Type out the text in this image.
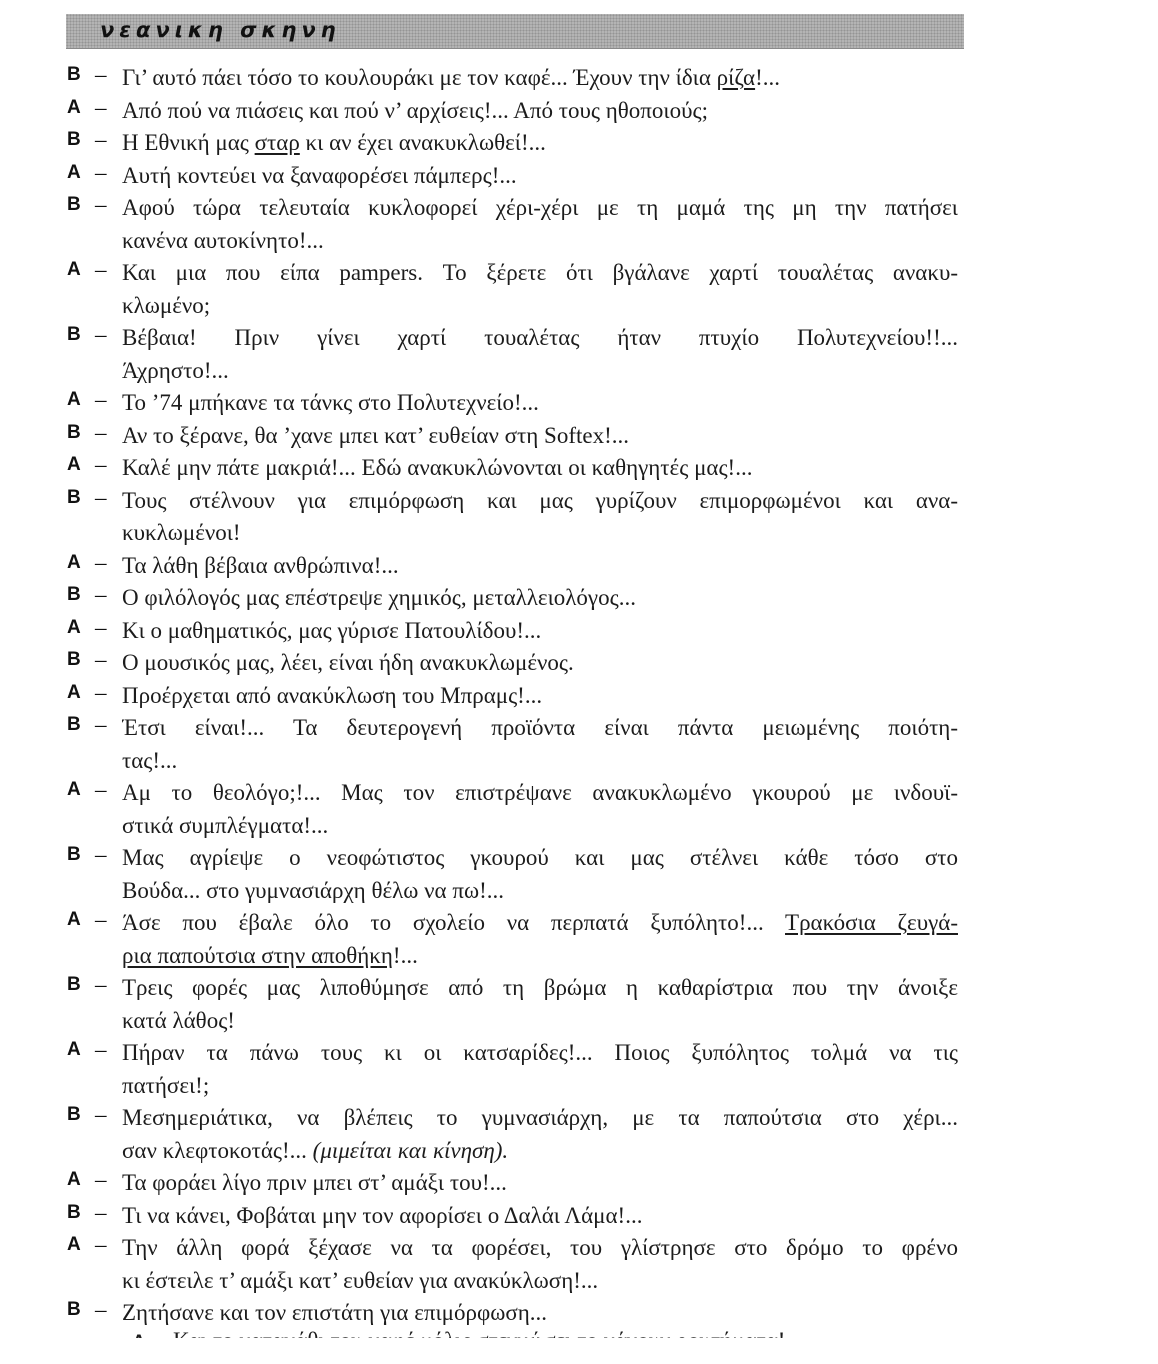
νεανικη σκηνη
B – Γι’ αυτό πάει τόσο το κουλουράκι με τον καφέ... Έχουν την ίδια ρίζα!...
A – Από πού να πιάσεις και πού ν’ αρχίσεις!... Από τους ηθοποιούς;
B – Η Εθνική μας σταρ κι αν έχει ανακυκλωθεί!...
A – Αυτή κοντεύει να ξαναφορέσει πάμπερς!...
B – Αφού τώρα τελευταία κυκλοφορεί χέρι-χέρι με τη μαμά της μη την πατήσει
κανένα αυτοκίνητο!...
A – Και μια που είπα pampers. Το ξέρετε ότι βγάλανε χαρτί τουαλέτας ανακυ-
κλωμένο;
B – Βέβαια! Πριν γίνει χαρτί τουαλέτας ήταν πτυχίο Πολυτεχνείου!!...
Άχρηστο!...
A – Το ’74 μπήκανε τα τάνκς στο Πολυτεχνείο!...
B – Αν το ξέρανε, θα ’χανε μπει κατ’ ευθείαν στη Softex!...
A – Καλέ μην πάτε μακριά!... Εδώ ανακυκλώνονται οι καθηγητές μας!...
B – Τους στέλνουν για επιμόρφωση και μας γυρίζουν επιμορφωμένοι και ανα-
κυκλωμένοι!
A – Τα λάθη βέβαια ανθρώπινα!...
B – Ο φιλόλογός μας επέστρεψε χημικός, μεταλλειολόγος...
A – Κι ο μαθηματικός, μας γύρισε Πατουλίδου!...
B – Ο μουσικός μας, λέει, είναι ήδη ανακυκλωμένος.
A – Προέρχεται από ανακύκλωση του Μπραμς!...
B – Έτσι είναι!... Τα δευτερογενή προϊόντα είναι πάντα μειωμένης ποιότη-
τας!...
A – Αμ το θεολόγο;!... Μας τον επιστρέψανε ανακυκλωμένο γκουρού με ινδουϊ-
στικά συμπλέγματα!...
B – Μας αγρίεψε ο νεοφώτιστος γκουρού και μας στέλνει κάθε τόσο στο
Βούδα... στο γυμνασιάρχη θέλω να πω!...
A – Άσε που έβαλε όλο το σχολείο να περπατά ξυπόλητο!... Τρακόσια ζευγά-
ρια παπούτσια στην αποθήκη!...
B – Τρεις φορές μας λιποθύμησε από τη βρώμα η καθαρίστρια που την άνοιξε
κατά λάθος!
A – Πήραν τα πάνω τους κι οι κατσαρίδες!... Ποιος ξυπόλητος τολμά να τις
πατήσει!;
B – Μεσημεριάτικα, να βλέπεις το γυμνασιάρχη, με τα παπούτσια στο χέρι...
σαν κλεφτοκοτάς!... (μιμείται και κίνηση).
A – Τα φοράει λίγο πριν μπει στ’ αμάξι του!...
B – Τι να κάνει, Φοβάται μην τον αφορίσει ο Δαλάι Λάμα!...
A – Την άλλη φορά ξέχασε να τα φορέσει, του γλίστρησε στο δρόμο το φρένο
κι έστειλε τ’ αμάξι κατ’ ευθείαν για ανακύκλωση!...
B – Ζητήσανε και τον επιστάτη για επιμόρφωση...
